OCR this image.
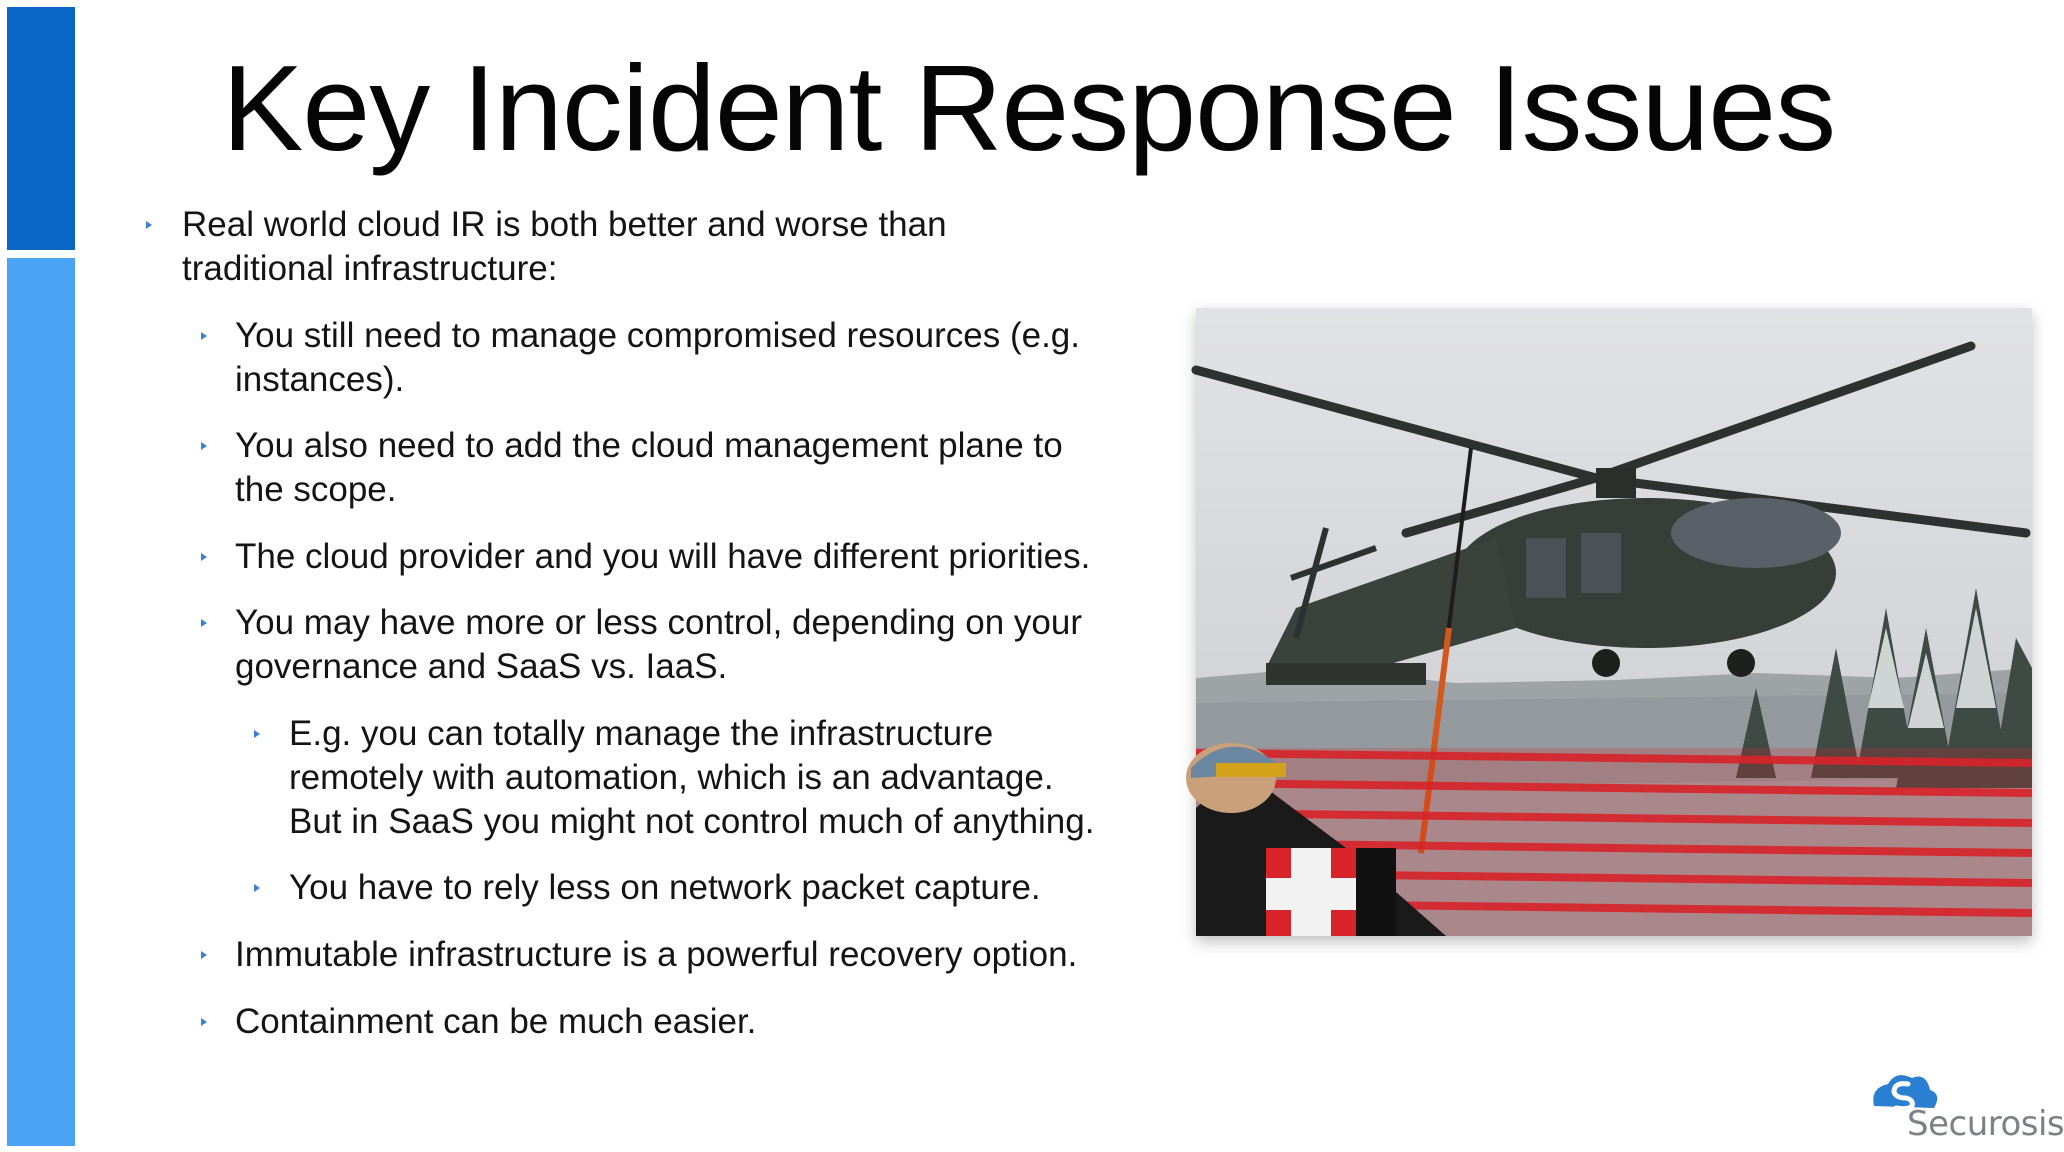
Key Incident Response Issues
Real world cloud IR is both better and worse than
traditional infrastructure:
You still need to manage compromised resources (e.g.
instances).
You also need to add the cloud management plane to
the scope.
The cloud provider and you will have different priorities.
You may have more or less control, depending on your
governance and SaaS vs. IaaS.
E.g. you can totally manage the infrastructure
remotely with automation, which is an advantage.
But in SaaS you might not control much of anything.
You have to rely less on network packet capture.
Immutable infrastructure is a powerful recovery option.
Containment can be much easier.
Securosis
